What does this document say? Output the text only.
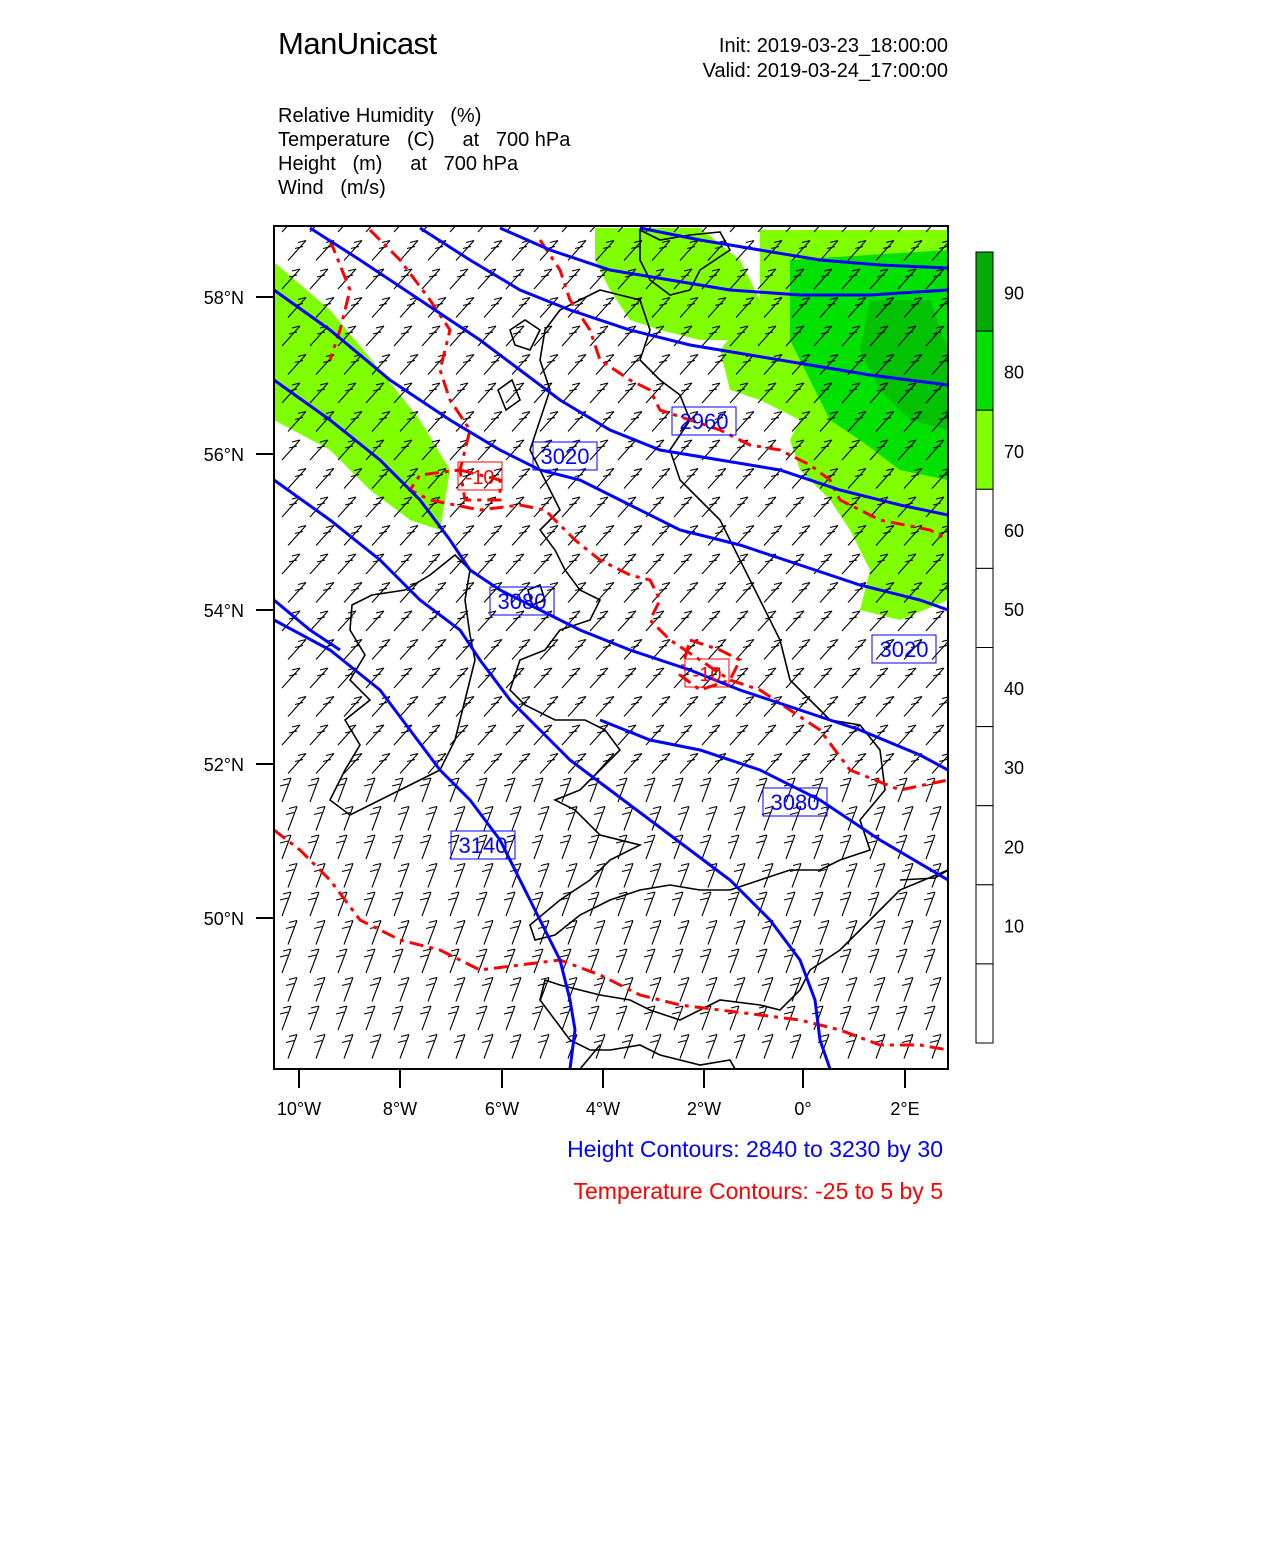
ManUnicast	Init: 2019-03-23_18:00:00
Valid: 2019-03-24_17:00:00
Relative Humidity   (%)
Temperature   (C)     at   700 hPa
Height   (m)     at   700 hPa
Wind   (m/s)
2960
3020
3080
3020
3080
3140
-10
-10
58°N
56°N
54°N
52°N
50°N
10°W	8°W	6°W	4°W	2°W	0°	2°E
90
80
70
60
50
40
30
20
10
Height Contours: 2840 to 3230 by 30
Temperature Contours: -25 to 5 by 5
